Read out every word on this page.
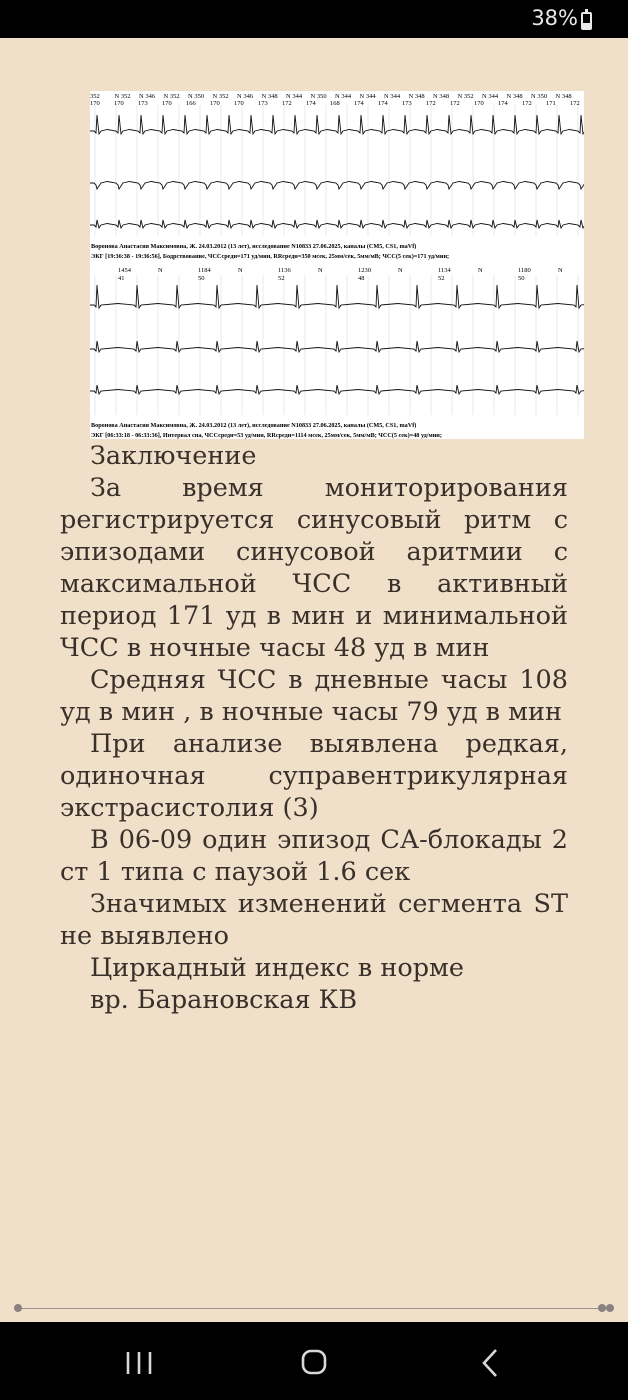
38%
352 N 352 N 346 N 352 N 350 N 352 N 346 N 348 N 344 N 350 N 344 N 344 N 344 N 348 N 348 N 352 N 344 N 348 N 350 N 348
170 170 173 170 166 170 170 173 172 174 168 174 174 173 172 172 170 174 172 171 172
Воронова Анастасия Максимовна, Ж. 24.03.2012 (13 лет), исследование N10833 27.06.2025, каналы (CM5, CS1, maVf)
ЭКГ [19:36:38 - 19:36:56], Бодрствование, ЧССсредн=171 уд/мин, RRсредн=350 мсек, 25мм/сек, 5мм/мВ; ЧСС(5 сек)=171 уд/мин;
1454	N	1184	N	1136	N	1230	N	1134	N	1180	N
41	50	52	48	52	50
Воронова Анастасия Максимовна, Ж. 24.03.2012 (13 лет), исследование N10833 27.06.2025, каналы (CM5, CS1, maVf)
ЭКГ [06:33:18 - 06:33:36], Интервал сна, ЧССсредн=53 уд/мин, RRсредн=1114 мсек, 25мм/сек, 5мм/мВ; ЧСС(5 сек)=48 уд/мин;

Заключение

За время мониторирования регистрируется синусовый ритм с эпизодами синусовой аритмии с максимальной ЧСС в активный период 171 уд в мин и минимальной ЧСС в ночные часы 48 уд в мин

Средняя ЧСС в дневные часы 108 уд в мин , в ночные часы 79 уд в мин

При анализе выявлена редкая, одиночная суправентрикулярная экстрасистолия (3)

В 06-09 один эпизод СА-блокады 2 ст 1 типа с паузой 1.6 сек

Значимых изменений сегмента ST не выявлено

Циркадный индекс в норме

вр. Барановская КВ
